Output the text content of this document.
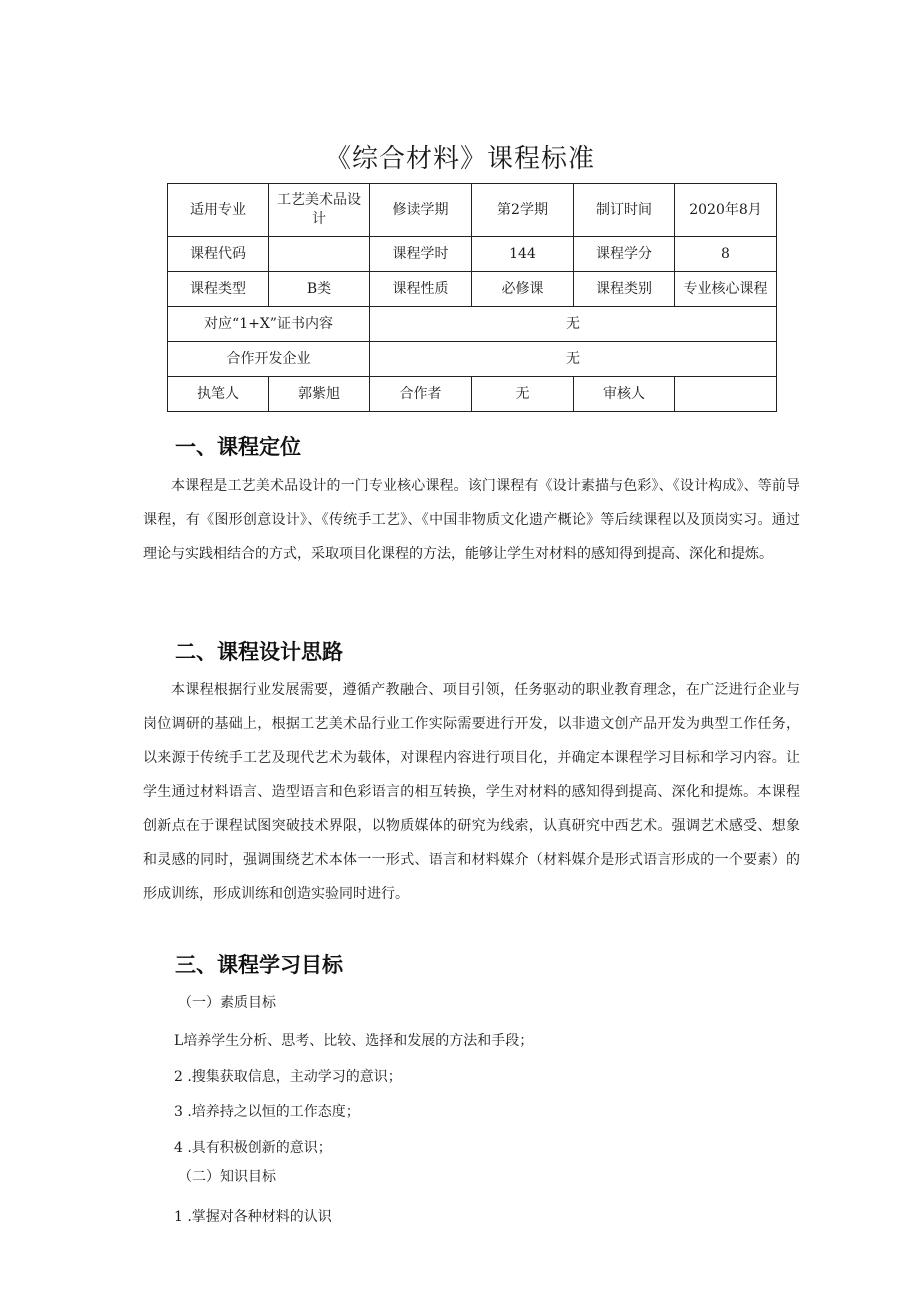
《综合材料》课程标准
适用专业	工艺美术品设计	修读学期	第2学期	制订时间	2020年8月
课程代码		课程学时	144	课程学分	8
课程类型	B类	课程性质	必修课	课程类别	专业核心课程
对应“1+X”证书内容		无			
合作开发企业		无			
执笔人	郭紫旭	合作者	无	审核人	
一、课程定位

本课程是工艺美术品设计的一门专业核心课程。该门课程有《设计素描与色彩》、《设计构成》、等前导课程，有《图形创意设计》、《传统手工艺》、《中国非物质文化遗产概论》等后续课程以及顶岗实习。通过理论与实践相结合的方式，采取项目化课程的方法，能够让学生对材料的感知得到提高、深化和提炼。

二、课程设计思路

本课程根据行业发展需要，遵循产教融合、项目引领，任务驱动的职业教育理念，在广泛进行企业与岗位调研的基础上，根据工艺美术品行业工作实际需要进行开发，以非遗文创产品开发为典型工作任务，以来源于传统手工艺及现代艺术为载体，对课程内容进行项目化，并确定本课程学习目标和学习内容。让学生通过材料语言、造型语言和色彩语言的相互转换，学生对材料的感知得到提高、深化和提炼。本课程创新点在于课程试图突破技术界限，以物质媒体的研究为线索，认真研究中西艺术。强调艺术感受、想象和灵感的同时，强调围绕艺术本体一一形式、语言和材料媒介（材料媒介是形式语言形成的一个要素）的形成训练，形成训练和创造实验同时进行。

三、课程学习目标
（一）素质目标
L培养学生分析、思考、比较、选择和发展的方法和手段；
2 .搜集获取信息，主动学习的意识；
3 .培养持之以恒的工作态度；
4 .具有积极创新的意识；
（二）知识目标
1 .掌握对各种材料的认识
